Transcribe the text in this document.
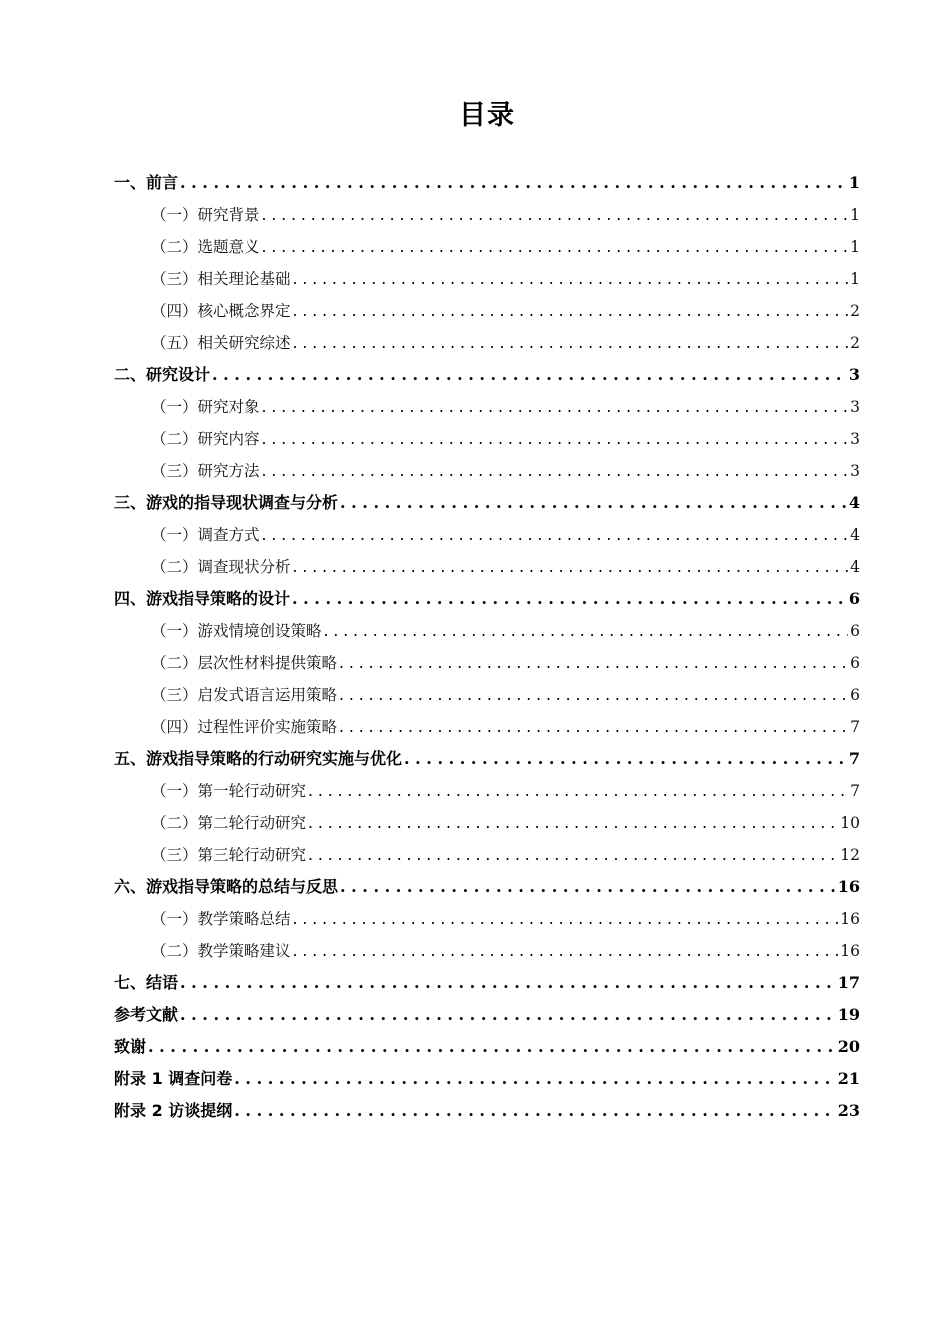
目录
一、前言 . . .	1
（一）研究背景 . . .	1
（二）选题意义 . . .	1
（三）相关理论基础 . . .	1
（四）核心概念界定 . . .	2
（五）相关研究综述 . . .	2
二、研究设计 . . .	3
（一）研究对象 . . .	3
（二）研究内容 . . .	3
（三）研究方法 . . .	3
三、游戏的指导现状调查与分析 . . .	4
（一）调查方式 . . .	4
（二）调查现状分析 . . .	4
四、游戏指导策略的设计 . . .	6
（一）游戏情境创设策略 . . .	6
（二）层次性材料提供策略 . . .	6
（三）启发式语言运用策略 . . .	6
（四）过程性评价实施策略 . . .	7
五、游戏指导策略的行动研究实施与优化 . . .	7
（一）第一轮行动研究 . . .	7
（二）第二轮行动研究 . . .	10
（三）第三轮行动研究 . . .	12
六、游戏指导策略的总结与反思 . . .	16
（一）教学策略总结 . . .	16
（二）教学策略建议 . . .	16
七、结语 . . .	17
参考文献 . . .	19
致谢 . . .	20
附录 1 调查问卷 . . .	21
附录 2 访谈提纲 . . .	23
